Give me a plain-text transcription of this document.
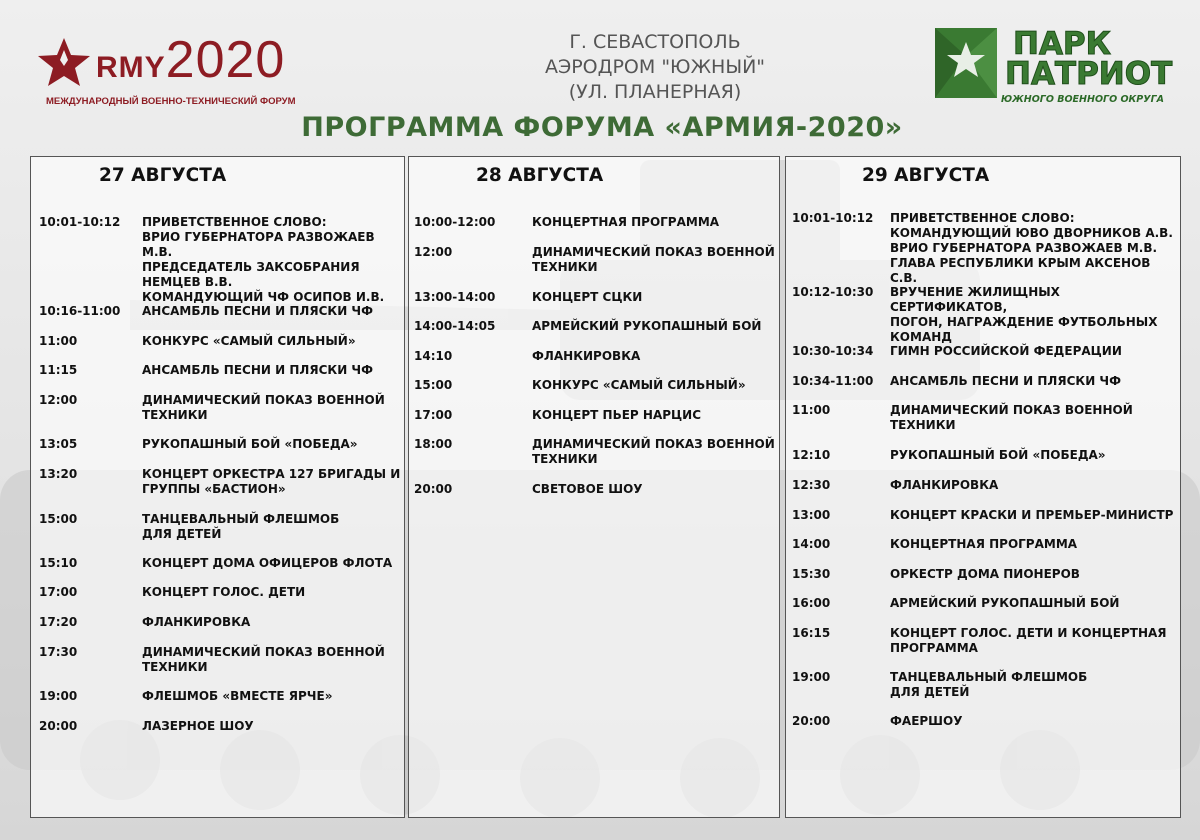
RMY2020
МЕЖДУНАРОДНЫЙ ВОЕННО-ТЕХНИЧЕСКИЙ ФОРУМ
Г. СЕВАСТОПОЛЬ
АЭРОДРОМ "ЮЖНЫЙ"
(УЛ. ПЛАНЕРНАЯ)
ПАРК
ПАТРИОТ
ЮЖНОГО ВОЕННОГО ОКРУГА
ПРОГРАММА ФОРУМА «АРМИЯ-2020»
27 АВГУСТА
10:01-10:12 ПРИВЕТСТВЕННОЕ СЛОВО:
ВРИО ГУБЕРНАТОРА РАЗВОЖАЕВ М.В.
ПРЕДСЕДАТЕЛЬ ЗАКСОБРАНИЯ
НЕМЦЕВ В.В.
КОМАНДУЮЩИЙ ЧФ ОСИПОВ И.В.
10:16-11:00 АНСАМБЛЬ ПЕСНИ И ПЛЯСКИ ЧФ
11:00	КОНКУРС «САМЫЙ СИЛЬНЫЙ»
11:15	АНСАМБЛЬ ПЕСНИ И ПЛЯСКИ ЧФ
12:00	ДИНАМИЧЕСКИЙ ПОКАЗ ВОЕННОЙ
ТЕХНИКИ
13:05	РУКОПАШНЫЙ БОЙ «ПОБЕДА»
13:20	КОНЦЕРТ ОРКЕСТРА 127 БРИГАДЫ И
ГРУППЫ «БАСТИОН»
15:00	ТАНЦЕВАЛЬНЫЙ ФЛЕШМОБ
ДЛЯ ДЕТЕЙ
15:10	КОНЦЕРТ ДОМА ОФИЦЕРОВ ФЛОТА
17:00	КОНЦЕРТ ГОЛОС. ДЕТИ
17:20	ФЛАНКИРОВКА
17:30	ДИНАМИЧЕСКИЙ ПОКАЗ ВОЕННОЙ
ТЕХНИКИ
19:00	ФЛЕШМОБ «ВМЕСТЕ ЯРЧЕ»
20:00	ЛАЗЕРНОЕ ШОУ
28 АВГУСТА
10:00-12:00	КОНЦЕРТНАЯ ПРОГРАММА
12:00	ДИНАМИЧЕСКИЙ ПОКАЗ ВОЕННОЙ
ТЕХНИКИ
13:00-14:00	КОНЦЕРТ СЦКИ
14:00-14:05	АРМЕЙСКИЙ РУКОПАШНЫЙ БОЙ
14:10	ФЛАНКИРОВКА
15:00	КОНКУРС «САМЫЙ СИЛЬНЫЙ»
17:00	КОНЦЕРТ ПЬЕР НАРЦИС
18:00	ДИНАМИЧЕСКИЙ ПОКАЗ ВОЕННОЙ
ТЕХНИКИ
20:00	СВЕТОВОЕ ШОУ
29 АВГУСТА
10:01-10:12 ПРИВЕТСТВЕННОЕ СЛОВО:
КОМАНДУЮЩИЙ ЮВО ДВОРНИКОВ А.В.
ВРИО ГУБЕРНАТОРА РАЗВОЖАЕВ М.В.
ГЛАВА РЕСПУБЛИКИ КРЫМ АКСЕНОВ С.В.
10:12-10:30 ВРУЧЕНИЕ ЖИЛИЩНЫХ СЕРТИФИКАТОВ,
ПОГОН, НАГРАЖДЕНИЕ ФУТБОЛЬНЫХ
КОМАНД
10:30-10:34 ГИМН РОССИЙСКОЙ ФЕДЕРАЦИИ
10:34-11:00 АНСАМБЛЬ ПЕСНИ И ПЛЯСКИ ЧФ
11:00	ДИНАМИЧЕСКИЙ ПОКАЗ ВОЕННОЙ
ТЕХНИКИ
12:10	РУКОПАШНЫЙ БОЙ «ПОБЕДА»
12:30	ФЛАНКИРОВКА
13:00	КОНЦЕРТ КРАСКИ И ПРЕМЬЕР-МИНИСТР
14:00	КОНЦЕРТНАЯ ПРОГРАММА
15:30	ОРКЕСТР ДОМА ПИОНЕРОВ
16:00	АРМЕЙСКИЙ РУКОПАШНЫЙ БОЙ
16:15	КОНЦЕРТ ГОЛОС. ДЕТИ И КОНЦЕРТНАЯ
ПРОГРАММА
19:00	ТАНЦЕВАЛЬНЫЙ ФЛЕШМОБ
ДЛЯ ДЕТЕЙ
20:00	ФАЕРШОУ
